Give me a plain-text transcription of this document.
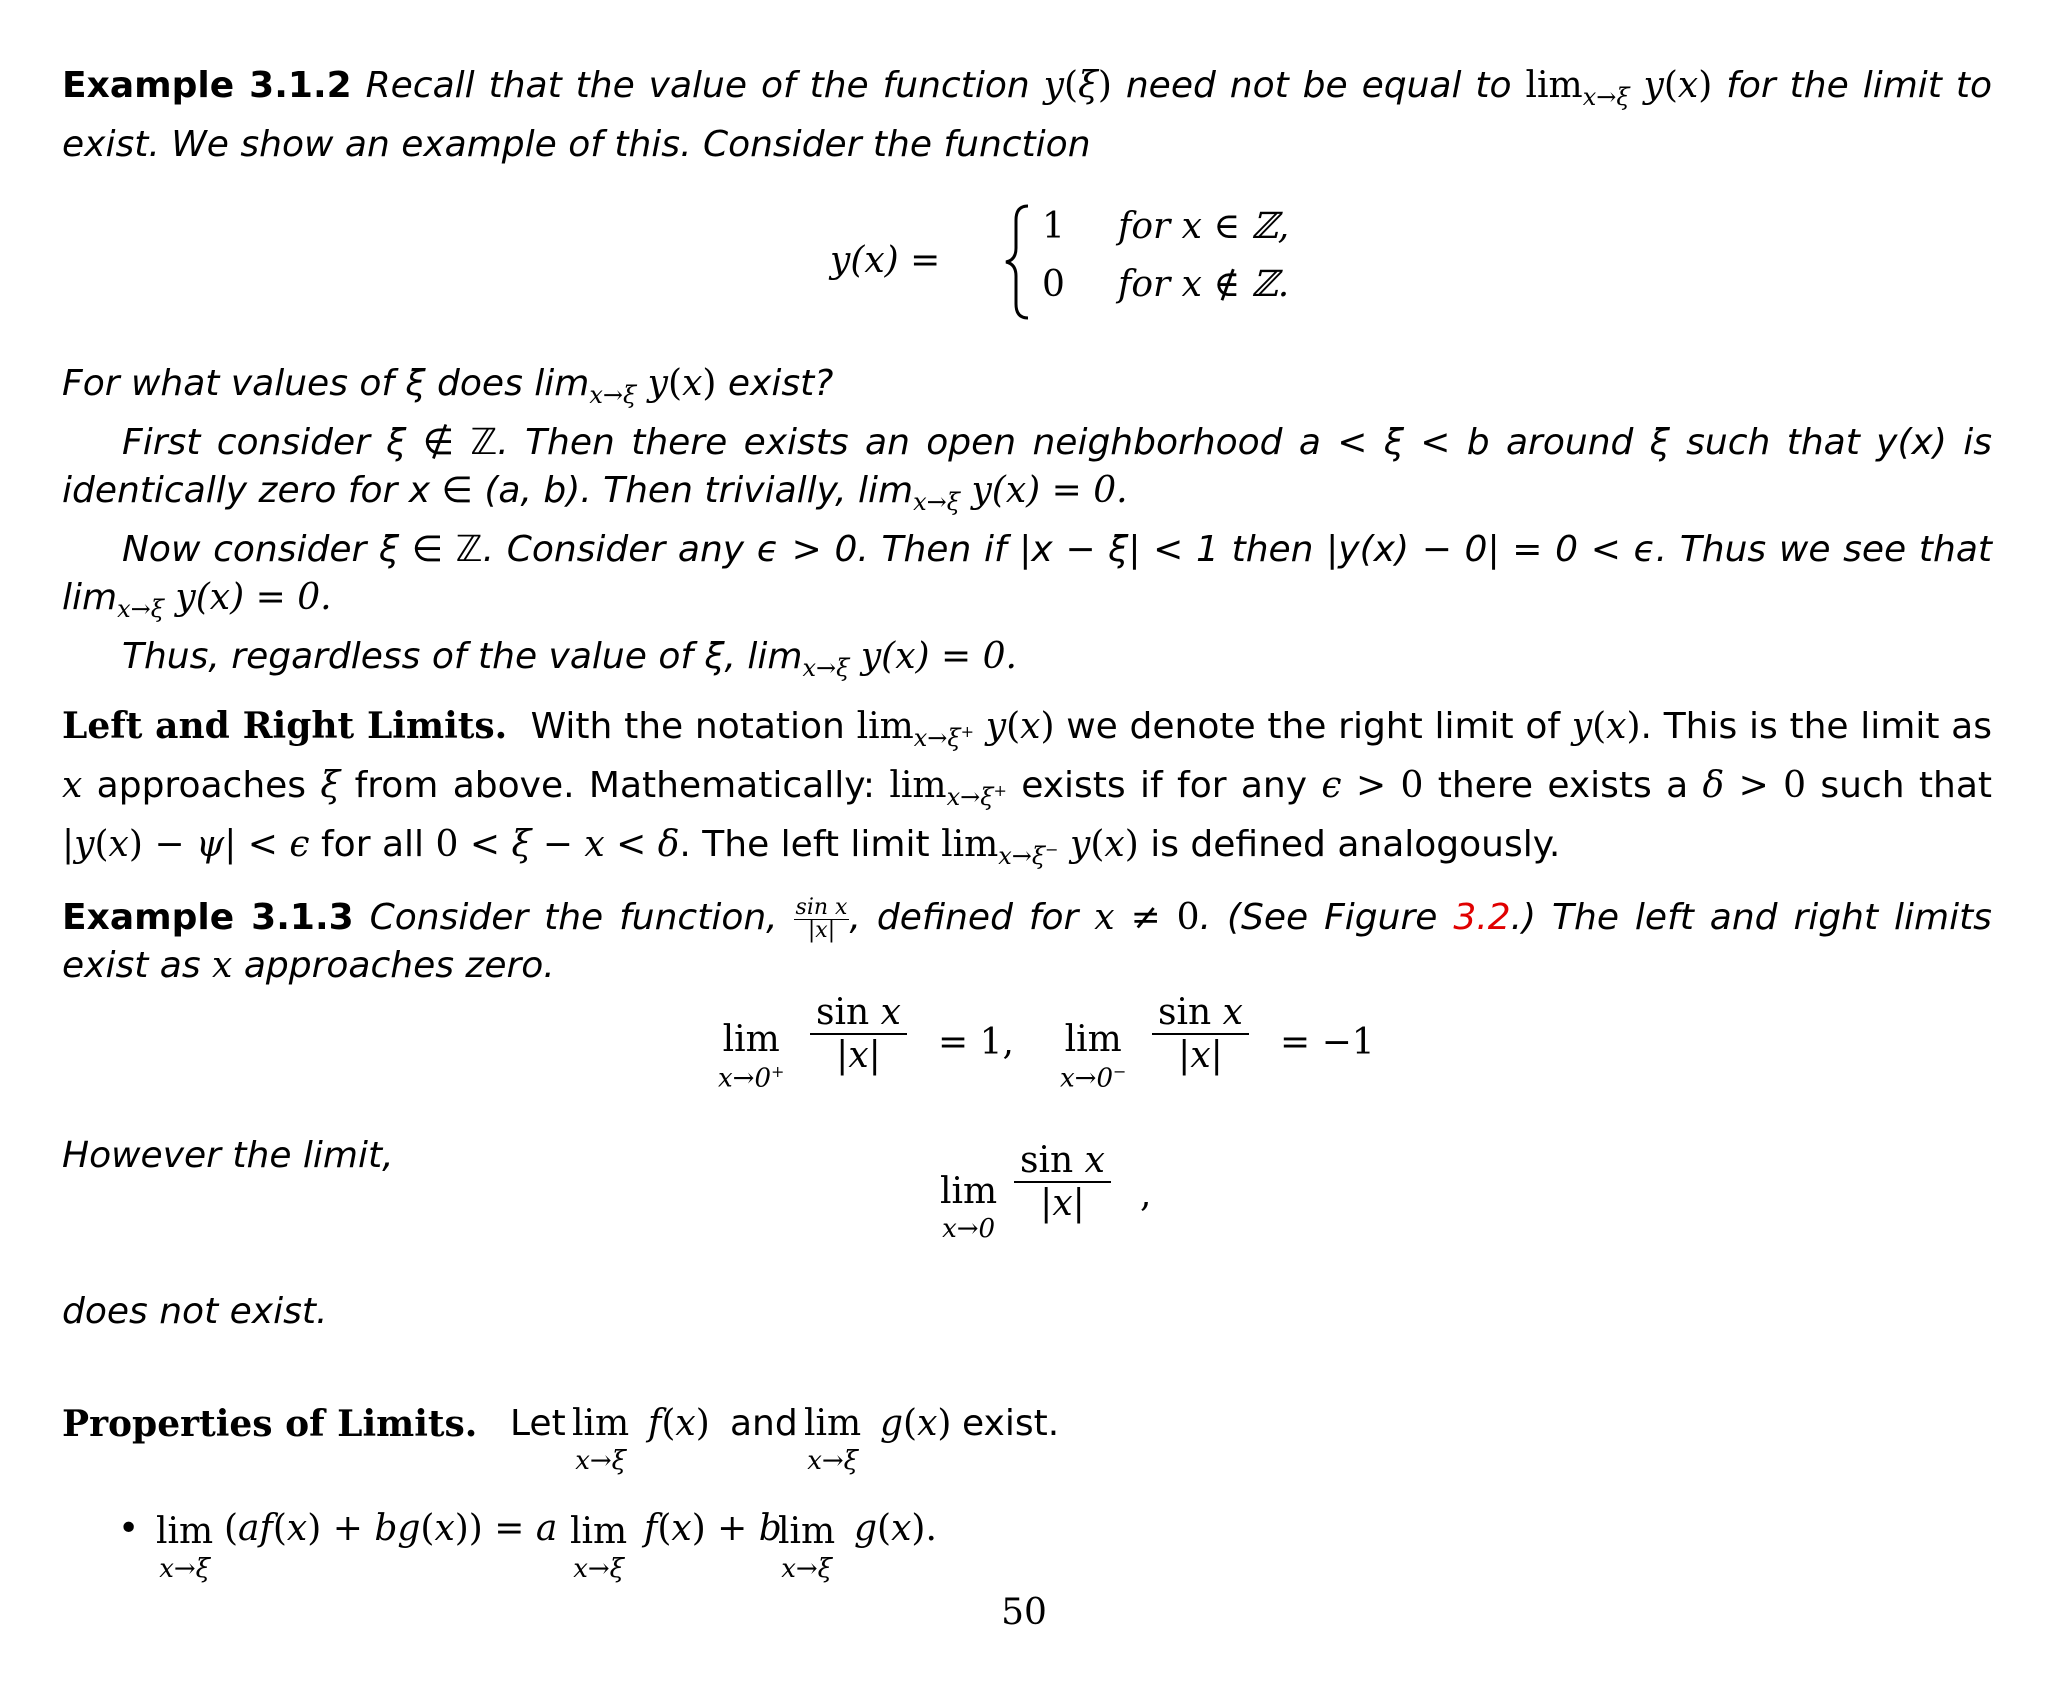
Example 3.1.2 Recall that the value of the function y(ξ) need not be equal to $\lim_{x\to\xi} y(x)$ for the limit to exist. We show an example of this. Consider the function
y(x) =
1 for x ∈ ℤ,
0 for x ∉ ℤ.
For what values of ξ does $\lim_{x\to\xi} y(x)$ exist?
First consider ξ ∉ ℤ. Then there exists an open neighborhood a < ξ < b around ξ such that y(x) is identically zero for x ∈ (a, b). Then trivially, $\lim_{x\to\xi} y(x) = 0$.
Now consider ξ ∈ ℤ. Consider any ϵ > 0. Then if |x − ξ| < 1 then |y(x) − 0| = 0 < ϵ. Thus we see that $\lim_{x\to\xi} y(x) = 0$.
Thus, regardless of the value of ξ, $\lim_{x\to\xi} y(x) = 0$.
Left and Right Limits. With the notation $\lim_{x\to\xi^+} y(x)$ we denote the right limit of y(x). This is the limit as x approaches ξ from above. Mathematically: $\lim_{x\to\xi^+}$ exists if for any ϵ > 0 there exists a δ > 0 such that |y(x) − ψ| < ϵ for all 0 < ξ − x < δ. The left limit $\lim_{x\to\xi^-} y(x)$ is defined analogously.
Example 3.1.3 Consider the function, $\frac{\text{sin x}}{|x|}$ , defined for x ≠ 0. (See Figure 3.2.) The left and right limits exist as x approaches zero.
lim
$x\to 0^+ \frac{\text{sin x}}{|x|} = 1$, lim
$x\to 0^- \frac{\text{sin x}}{|x|} = -1$
However the limit,
lim
x→0
$\frac{\text{sin x}}{|x|}$ ,
does not exist.
Properties of Limits. Let lim
x→ξ
f(x) and lim
x→ξ
g(x) exist.
• lim
x→ξ
(af(x) + bg(x)) = a lim
x→ξ
f(x) + b
lim
x→ξ
g(x).
50
